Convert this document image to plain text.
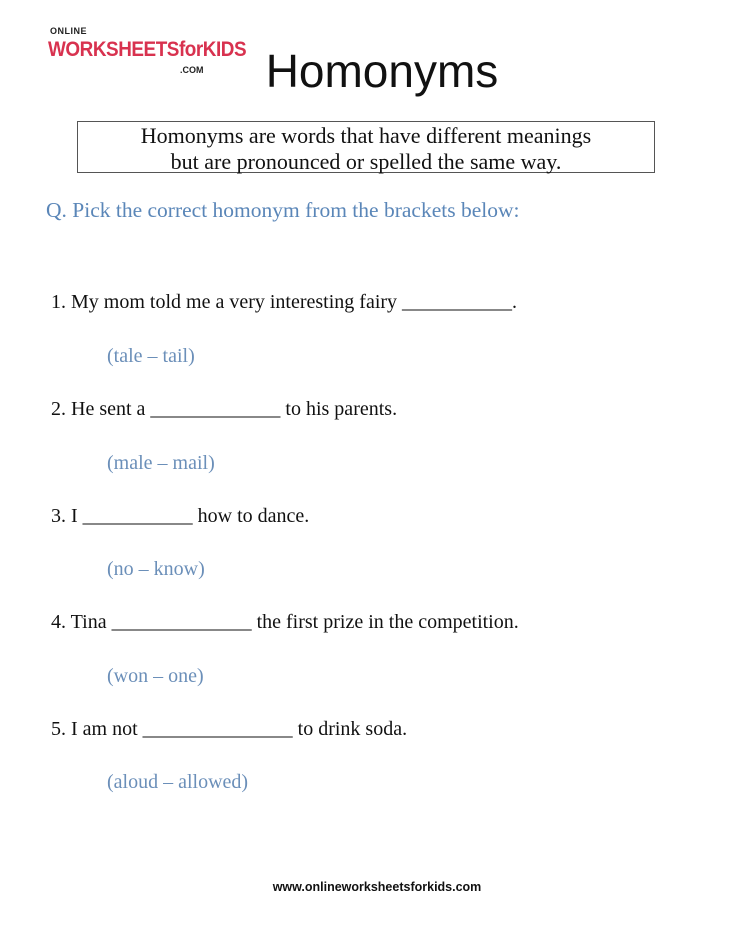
ONLINE
WORKSHEETSforKIDS
.COM	Homonyms
Homonyms are words that have different meanings
but are pronounced or spelled the same way.
Q. Pick the correct homonym from the brackets below:
1. My mom told me a very interesting fairy ___________.
(tale – tail)
2. He sent a _____________ to his parents.
(male – mail)
3. I ___________ how to dance.
(no – know)
4. Tina ______________ the first prize in the competition.
(won – one)
5. I am not _______________ to drink soda.
(aloud – allowed)
www.onlineworksheetsforkids.com
